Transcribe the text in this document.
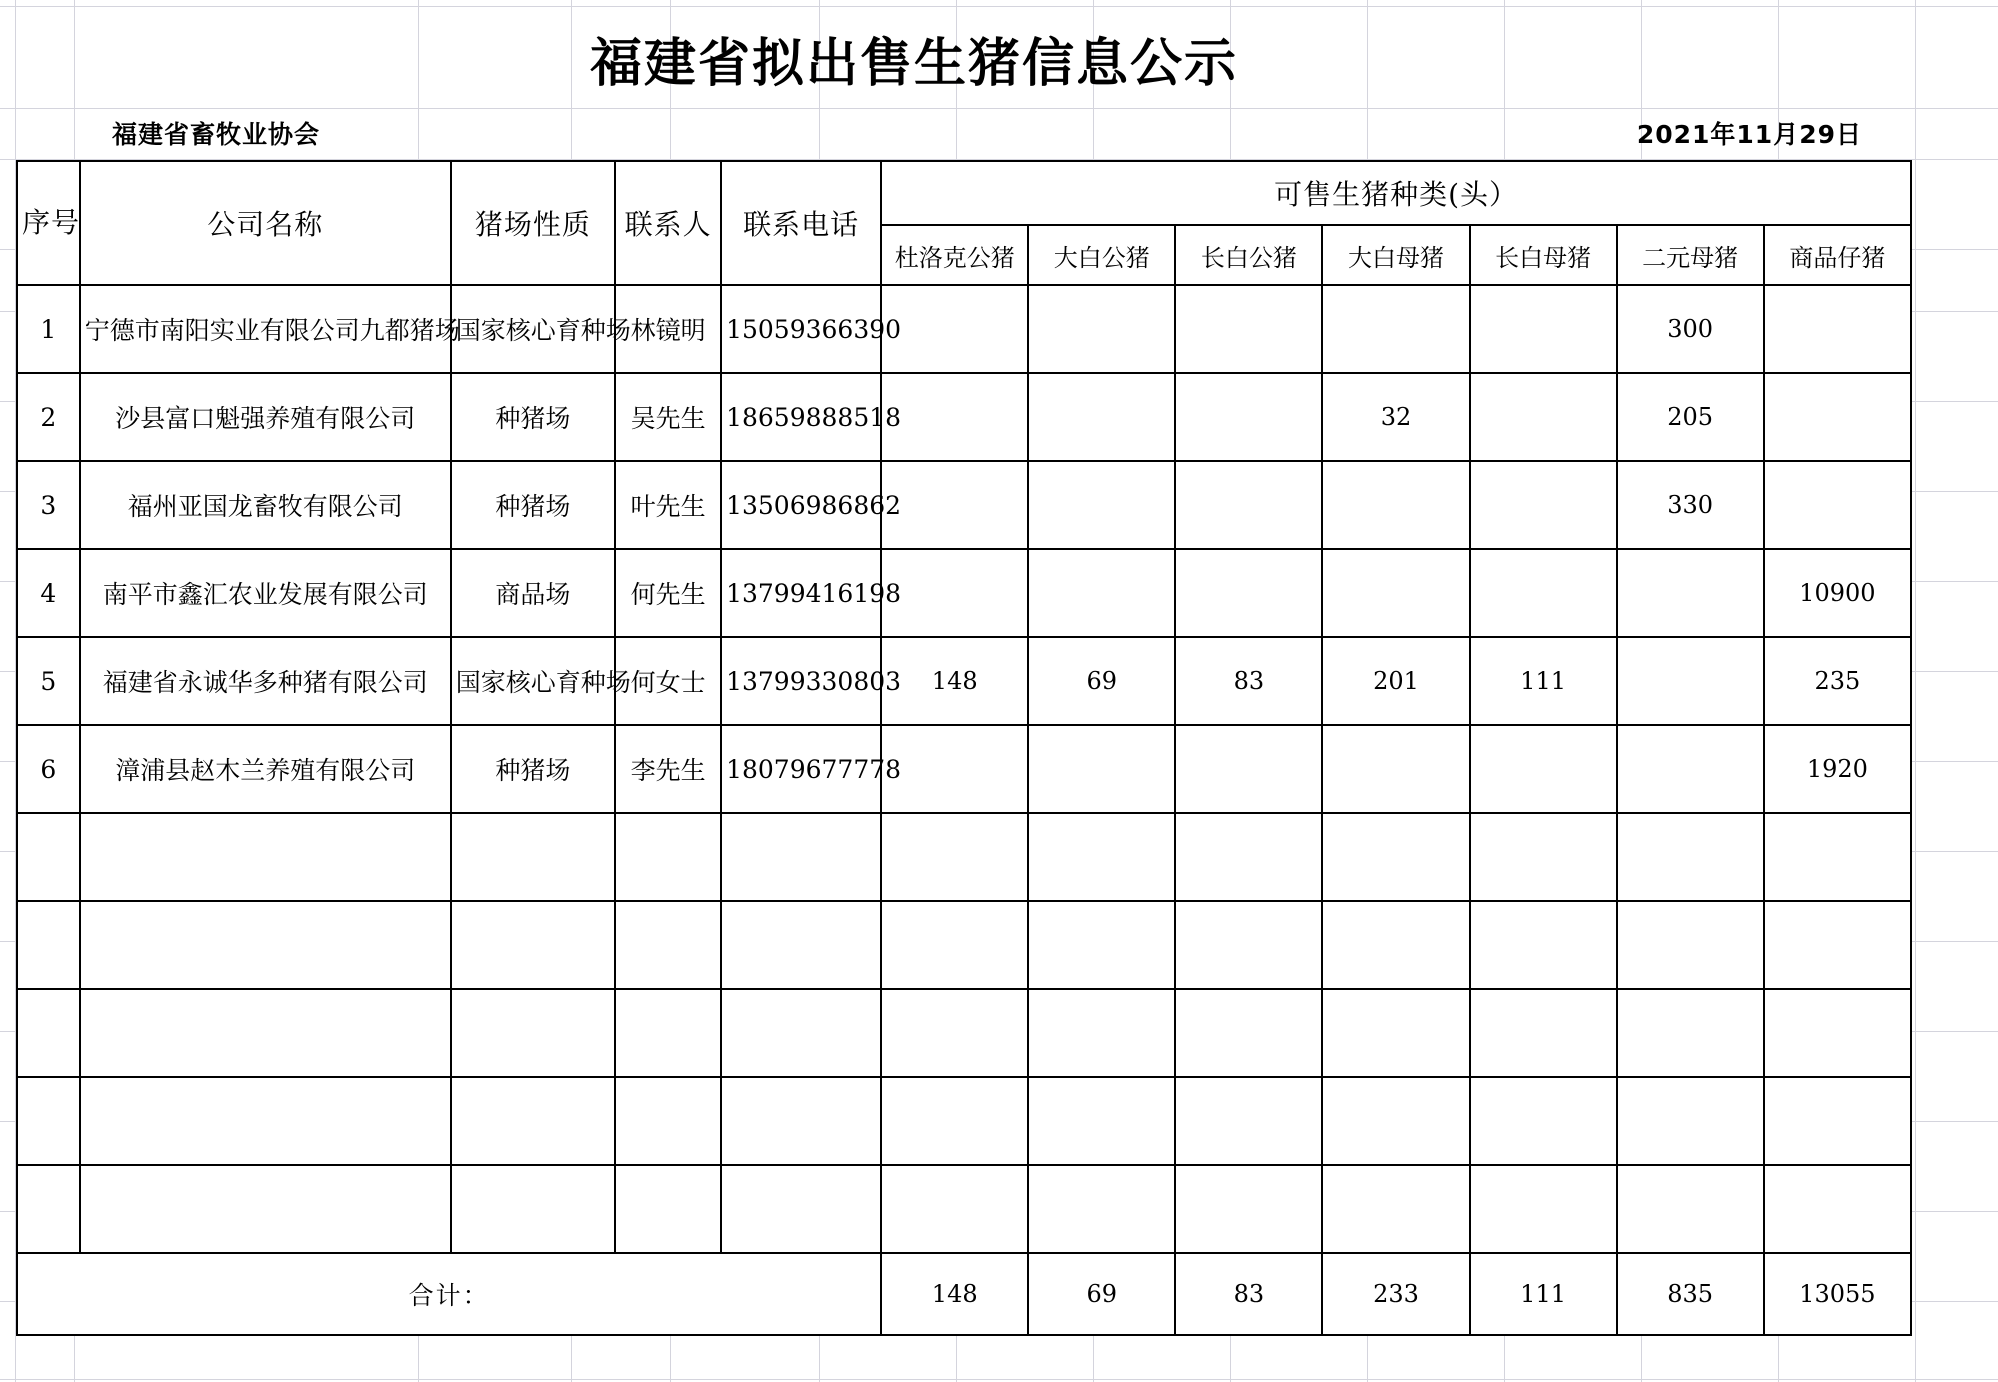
福建省拟出售生猪信息公示
福建省畜牧业协会	2021年11月29日
序号	公司名称	猪场性质	联系人	联系电话	可售生猪种类(头）						
					杜洛克公猪	大白公猪	长白公猪	大白母猪	长白母猪	二元母猪	商品仔猪
1	宁德市南阳实业有限公司九都猪场	国家核心育种场	林镜明	15059366390						300	
2	沙县富口魁强养殖有限公司	种猪场	吴先生	18659888518				32		205	
3	福州亚国龙畜牧有限公司	种猪场	叶先生	13506986862						330	
4	南平市鑫汇农业发展有限公司	商品场	何先生	13799416198							10900
5	福建省永诚华多种猪有限公司	国家核心育种场	何女士	13799330803	148	69	83	201	111		235
6	漳浦县赵木兰养殖有限公司	种猪场	李先生	18079677778							1920

合计：					148	69	83	233	111	835	13055
